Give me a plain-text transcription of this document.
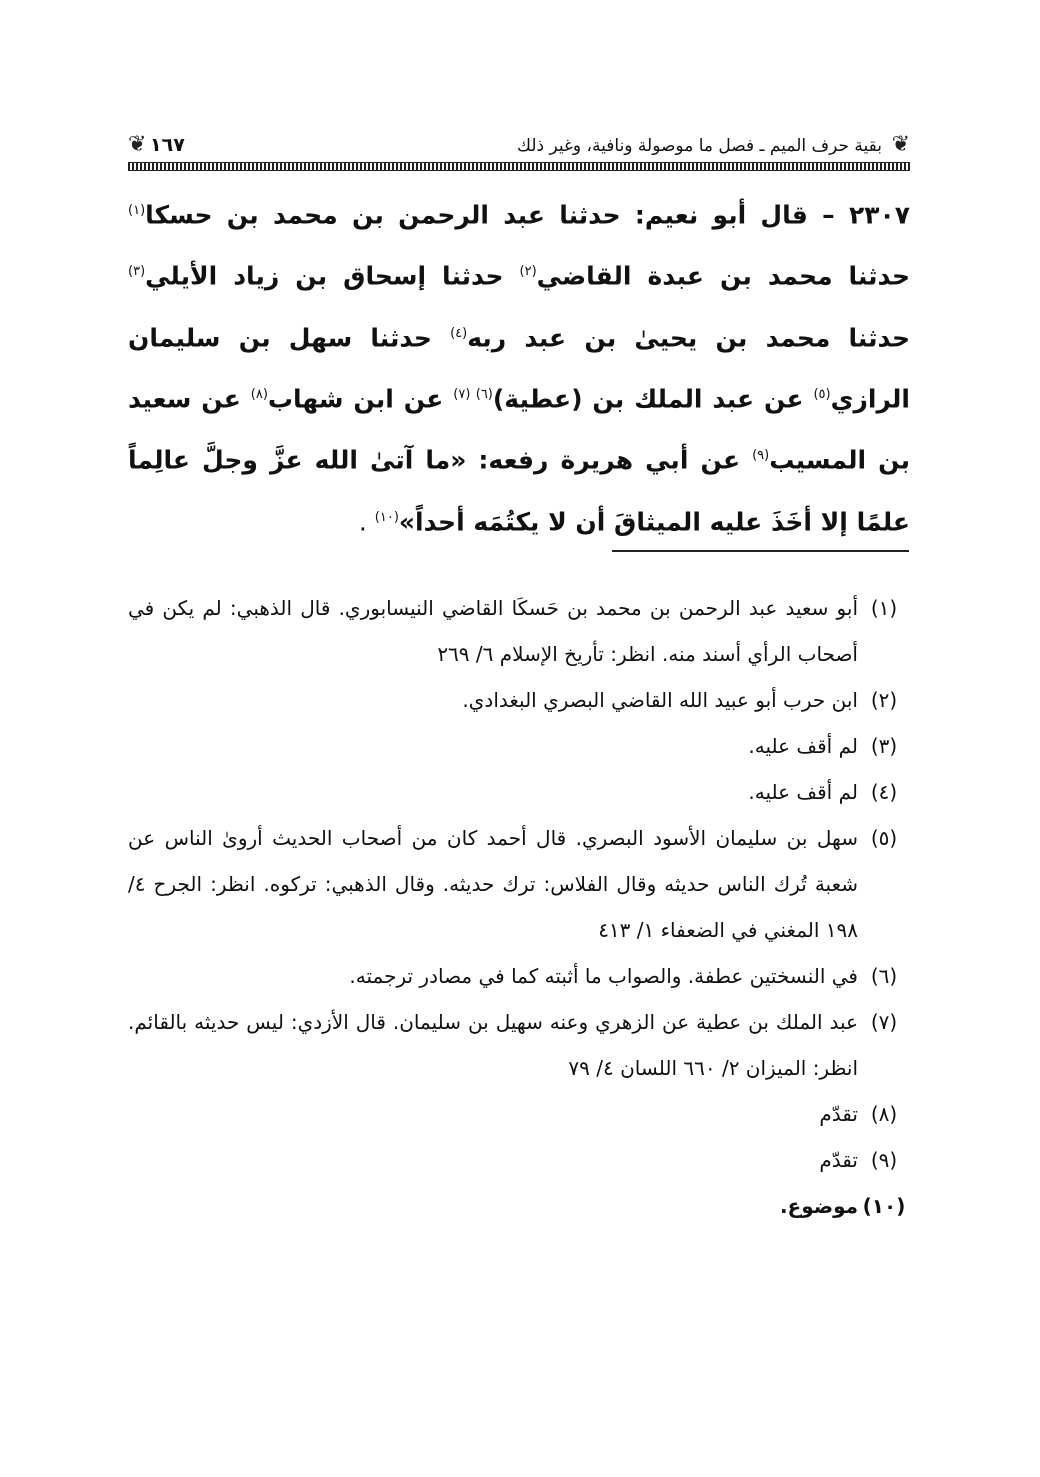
❦
بقية حرف الميم ـ فصل ما موصولة ونافية، وغير ذلك
١٦٧
❦
٢٣٠٧ – قال أبو نعيم: حدثنا عبد الرحمن بن محمد بن حسكا$^{(١)}$ حدثنا محمد بن عبدة القاضي$^{(٢)}$ حدثنا إسحاق بن زياد الأيلي$^{(٣)}$ حدثنا محمد بن يحيىٰ بن عبد ربه$^{(٤)}$ حدثنا سهل بن سليمان الرازي$^{(٥)}$ عن عبد الملك بن (عطية)$^{(٦) (٧)}$ عن ابن شهاب$^{(٨)}$ عن سعيد بن المسيب$^{(٩)}$ عن أبي هريرة رفعه: «ما آتىٰ الله عزَّ وجلَّ عالِماً علمًا إلا أخَذَ عليه الميثاقَ أن لا يكتُمَه أحداً»$^{(١٠)}$ .
(١)
أبو سعيد عبد الرحمن بن محمد بن حَسكَا القاضي النيسابوري. قال الذهبي: لم يكن في أصحاب الرأي أسند منه. انظر: تأريخ الإسلام ٦/ ٢٦٩
(٢)
ابن حرب أبو عبيد الله القاضي البصري البغدادي.
(٣)
لم أقف عليه.
(٤)
لم أقف عليه.
(٥)
سهل بن سليمان الأسود البصري. قال أحمد كان من أصحاب الحديث أروىٰ الناس عن شعبة تُرك الناس حديثه وقال الفلاس: ترك حديثه. وقال الذهبي: تركوه. انظر: الجرح ٤/ ١٩٨ المغني في الضعفاء ١/ ٤١٣
(٦)
في النسختين عطفة. والصواب ما أثبته كما في مصادر ترجمته.
(٧)
عبد الملك بن عطية عن الزهري وعنه سهيل بن سليمان. قال الأزدي: ليس حديثه بالقائم. انظر: الميزان ٢/ ٦٦٠ اللسان ٤/ ٧٩
(٨)
تقدّم
(٩)
تقدّم
(١٠)
موضوع.
